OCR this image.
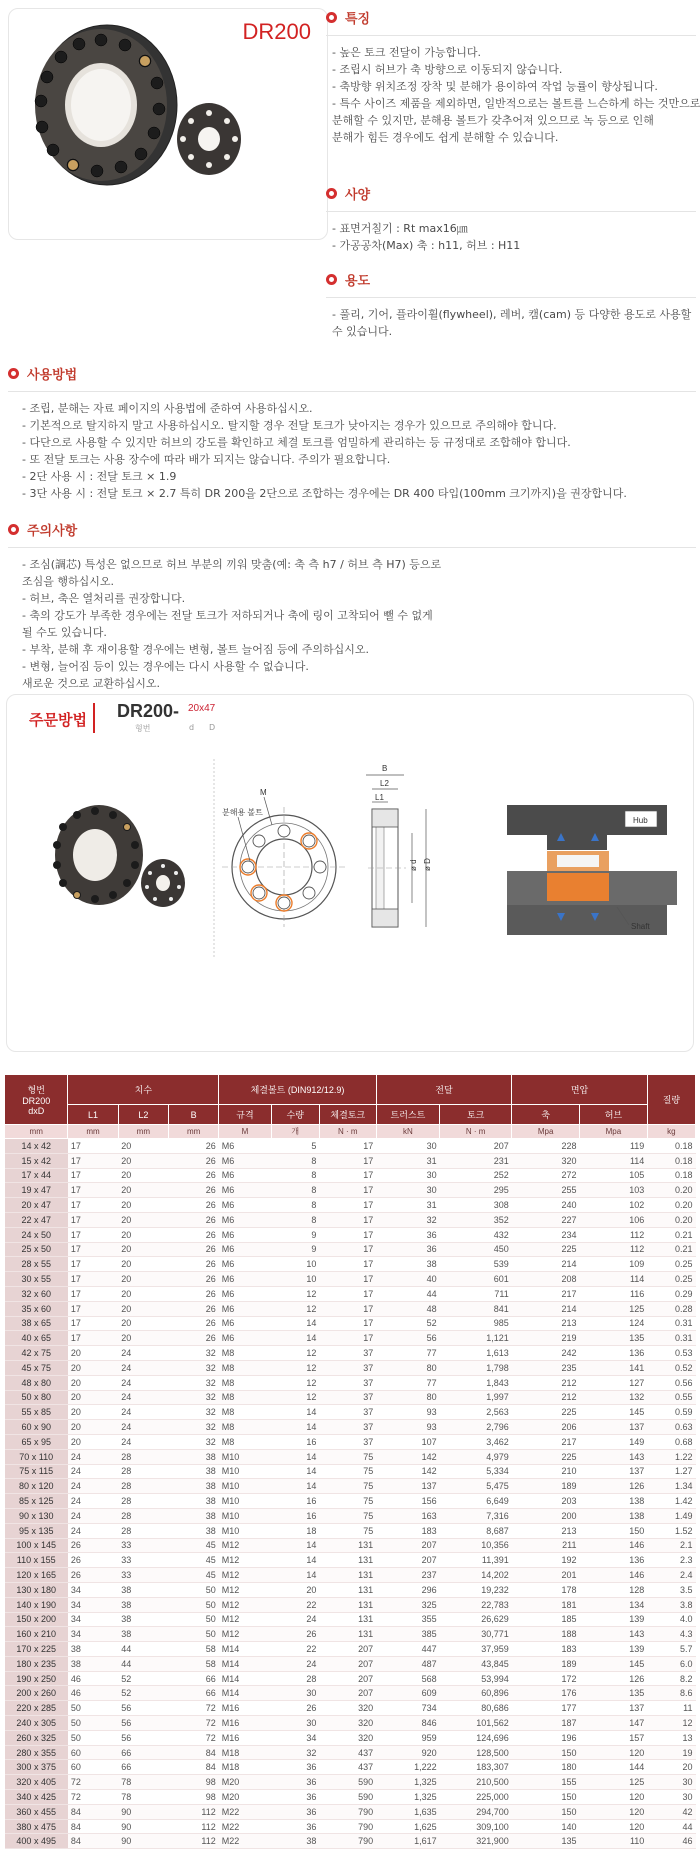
DR200	특징
- 높은 토크 전달이 가능합니다.
- 조립시 허브가 축 방향으로 이동되지 않습니다.
- 축방향 위치조정 장착 및 분해가 용이하여 작업 능률이 향상됩니다.
- 특수 사이즈 제품을 제외하면, 일반적으로는 볼트를 느슨하게 하는 것만으로
분해할 수 있지만, 분해용 볼트가 갖추어져 있으므로 녹 등으로 인해
분해가 힘든 경우에도 쉽게 분해할 수 있습니다.
사양
- 표면거칠기 : Rt max16㎛
- 가공공차(Max) 축 : h11, 허브 : H11
용도
- 풀리, 기어, 플라이휠(flywheel), 레버, 캠(cam) 등 다양한 용도로 사용할 수 있습니다.
사용방법
- 조립, 분해는 자료 페이지의 사용법에 준하여 사용하십시오.
- 기본적으로 탈지하지 말고 사용하십시오. 탈지할 경우 전달 토크가 낮아지는 경우가 있으므로 주의해야 합니다.
- 다단으로 사용할 수 있지만 허브의 강도를 확인하고 체결 토크를 엄밀하게 관리하는 등 규정대로 조합해야 합니다.
- 또 전달 토크는 사용 장수에 따라 배가 되지는 않습니다. 주의가 필요합니다.
- 2단 사용 시 : 전달 토크 × 1.9
- 3단 사용 시 : 전달 토크 × 2.7 특히 DR 200을 2단으로 조합하는 경우에는 DR 400 타입(100mm 크기까지)을 권장합니다.
주의사항
- 조심(調芯) 특성은 없으므로 허브 부분의 끼워 맞춤(예: 축 측 h7 / 허브 측 H7) 등으로
조심을 행하십시오.
- 허브, 축은 열처리를 권장합니다.
- 축의 강도가 부족한 경우에는 전달 토크가 저하되거나 축에 링이 고착되어 뺄 수 없게
될 수도 있습니다.
- 부착, 분해 후 재이용할 경우에는 변형, 볼트 늘어짐 등에 주의하십시오.
- 변형, 늘어짐 등이 있는 경우에는 다시 사용할 수 없습니다.
새로운 것으로 교환하십시오.
주문방법 DR200- 20x47
형번	d D
M
분해용 볼트
B
L2
L1
ø d ø D
Hub
Shaft
형번
DR200
dxD	치수			체결볼트 (DIN912/12.9)			전달		면압		질량
	L1	L2	B	규격	수량	체결토크	트러스트	토크	축	허브	
mm	mm	mm	mm	M	개	N · m	kN	N · m	Mpa	Mpa	kg
14 x 42	17	20	26	M6	5	17	30	207	228	119	0.18
15 x 42	17	20	26	M6	8	17	31	231	320	114	0.18
17 x 44	17	20	26	M6	8	17	30	252	272	105	0.18
19 x 47	17	20	26	M6	8	17	30	295	255	103	0.20
20 x 47	17	20	26	M6	8	17	31	308	240	102	0.20
22 x 47	17	20	26	M6	8	17	32	352	227	106	0.20
24 x 50	17	20	26	M6	9	17	36	432	234	112	0.21
25 x 50	17	20	26	M6	9	17	36	450	225	112	0.21
28 x 55	17	20	26	M6	10	17	38	539	214	109	0.25
30 x 55	17	20	26	M6	10	17	40	601	208	114	0.25
32 x 60	17	20	26	M6	12	17	44	711	217	116	0.29
35 x 60	17	20	26	M6	12	17	48	841	214	125	0.28
38 x 65	17	20	26	M6	14	17	52	985	213	124	0.31
40 x 65	17	20	26	M6	14	17	56	1,121	219	135	0.31
42 x 75	20	24	32	M8	12	37	77	1,613	242	136	0.53
45 x 75	20	24	32	M8	12	37	80	1,798	235	141	0.52
48 x 80	20	24	32	M8	12	37	77	1,843	212	127	0.56
50 x 80	20	24	32	M8	12	37	80	1,997	212	132	0.55
55 x 85	20	24	32	M8	14	37	93	2,563	225	145	0.59
60 x 90	20	24	32	M8	14	37	93	2,796	206	137	0.63
65 x 95	20	24	32	M8	16	37	107	3,462	217	149	0.68
70 x 110	24	28	38	M10	14	75	142	4,979	225	143	1.22
75 x 115	24	28	38	M10	14	75	142	5,334	210	137	1.27
80 x 120	24	28	38	M10	14	75	137	5,475	189	126	1.34
85 x 125	24	28	38	M10	16	75	156	6,649	203	138	1.42
90 x 130	24	28	38	M10	16	75	163	7,316	200	138	1.49
95 x 135	24	28	38	M10	18	75	183	8,687	213	150	1.52
100 x 145	26	33	45	M12	14	131	207	10,356	211	146	2.1
110 x 155	26	33	45	M12	14	131	207	11,391	192	136	2.3
120 x 165	26	33	45	M12	14	131	237	14,202	201	146	2.4
130 x 180	34	38	50	M12	20	131	296	19,232	178	128	3.5
140 x 190	34	38	50	M12	22	131	325	22,783	181	134	3.8
150 x 200	34	38	50	M12	24	131	355	26,629	185	139	4.0
160 x 210	34	38	50	M12	26	131	385	30,771	188	143	4.3
170 x 225	38	44	58	M14	22	207	447	37,959	183	139	5.7
180 x 235	38	44	58	M14	24	207	487	43,845	189	145	6.0
190 x 250	46	52	66	M14	28	207	568	53,994	172	126	8.2
200 x 260	46	52	66	M14	30	207	609	60,896	176	135	8.6
220 x 285	50	56	72	M16	26	320	734	80,686	177	137	11
240 x 305	50	56	72	M16	30	320	846	101,562	187	147	12
260 x 325	50	56	72	M16	34	320	959	124,696	196	157	13
280 x 355	60	66	84	M18	32	437	920	128,500	150	120	19
300 x 375	60	66	84	M18	36	437	1,222	183,307	180	144	20
320 x 405	72	78	98	M20	36	590	1,325	210,500	155	125	30
340 x 425	72	78	98	M20	36	590	1,325	225,000	150	120	30
360 x 455	84	90	112	M22	36	790	1,635	294,700	150	120	42
380 x 475	84	90	112	M22	36	790	1,625	309,100	140	120	44
400 x 495	84	90	112	M22	38	790	1,617	321,900	135	110	46
